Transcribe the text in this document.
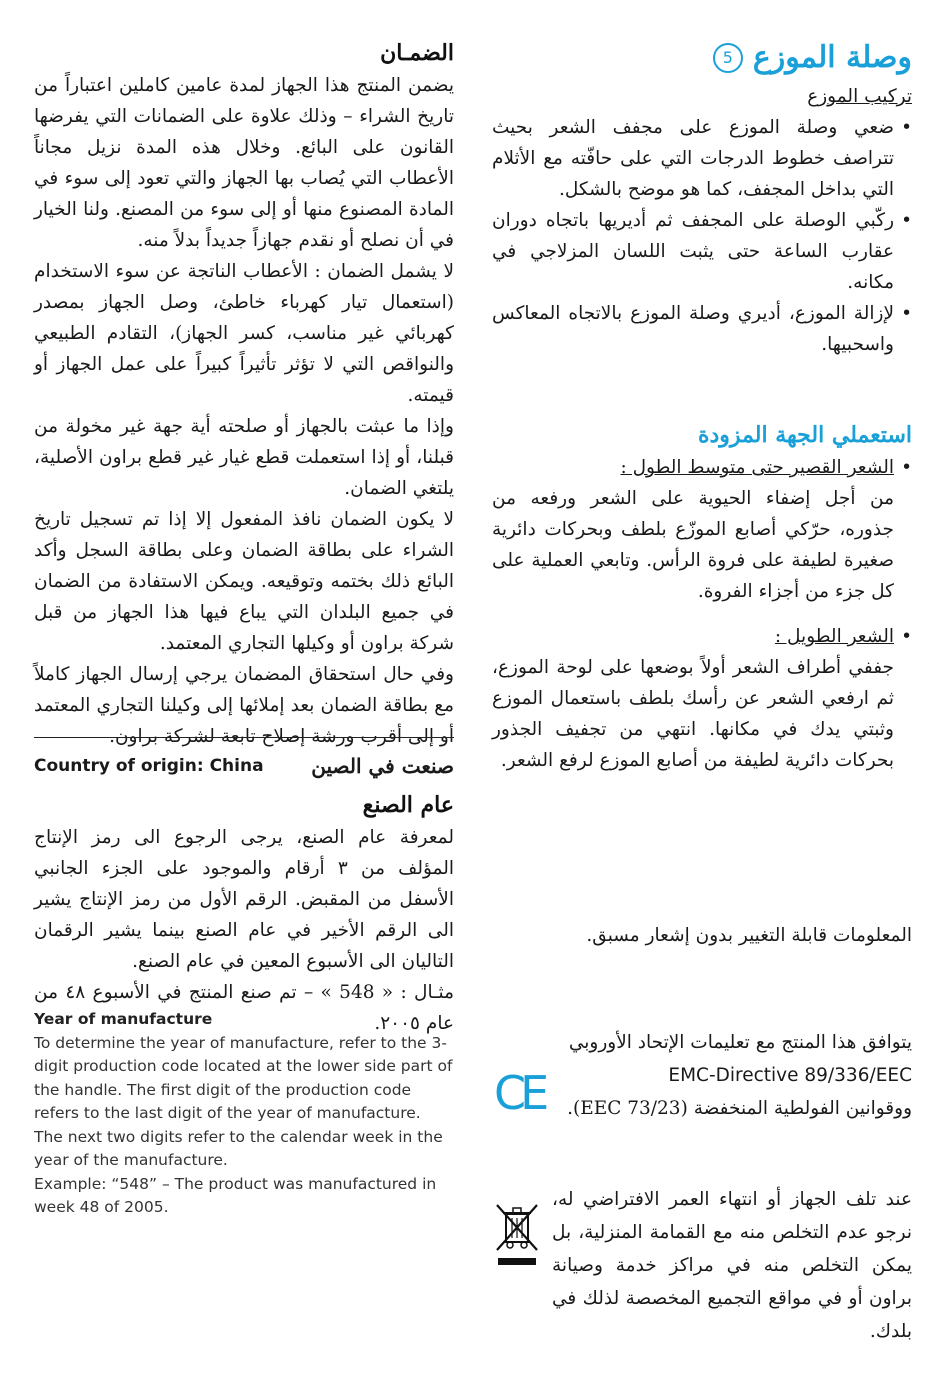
وصلة الموزع
5

تركيب الموزع

• ضعي وصلة الموزع على مجفف الشعر بحيث تتراصف خطوط الدرجات التي على حافّته مع الأثلام التي بداخل المجفف، كما هو موضح بالشكل.

• ركّبي الوصلة على المجفف ثم أديريها باتجاه دوران عقارب الساعة حتى يثبت اللسان المزلاجي في مكانه.

• لإزالة الموزع، أديري وصلة الموزع بالاتجاه المعاكس واسحبيها.

استعملي الجهة المزودة

• الشعر القصير حتى متوسط الطول :

من أجل إضفاء الحيوية على الشعر ورفعه من جذوره، حرّكي أصابع الموزّع بلطف وبحركات دائرية صغيرة لطيفة على فروة الرأس. وتابعي العملية على كل جزء من أجزاء الفروة.

• الشعر الطويل :

جففي أطراف الشعر أولاً بوضعها على لوحة الموزع، ثم ارفعي الشعر عن رأسك بلطف باستعمال الموزع وثبتي يدك في مكانها. انتهي من تجفيف الجذور بحركات دائرية لطيفة من أصابع الموزع لرفع الشعر.

المعلومات قابلة التغيير بدون إشعار مسبق.

يتوافق هذا المنتج مع تعليمات الإتحاد الأوروبي
EMC-Directive 89/336/EEC
ووقوانين الفولطية المنخفضة (73/23 EEC).
CE

عند تلف الجهاز أو انتهاء العمر الافتراضي له، نرجو عدم التخلص منه مع القمامة المنزلية، بل يمكن التخلص منه في مراكز خدمة وصيانة براون أو في مواقع التجميع المخصصة لذلك في بلدك.

الضمـان

يضمن المنتج هذا الجهاز لمدة عامين كاملين اعتباراً من تاريخ الشراء – وذلك علاوة على الضمانات التي يفرضها القانون على البائع. وخلال هذه المدة نزيل مجاناً الأعطاب التي يُصاب بها الجهاز والتي تعود إلى سوء في المادة المصنوع منها أو إلى سوء من المصنع. ولنا الخيار في أن نصلح أو نقدم جهازاً جديداً بدلاً منه.

لا يشمل الضمان : الأعطاب الناتجة عن سوء الاستخدام (استعمال تيار كهرباء خاطئ، وصل الجهاز بمصدر كهربائي غير مناسب، كسر الجهاز)، التقادم الطبيعي والنواقص التي لا تؤثر تأثيراً كبيراً على عمل الجهاز أو قيمته.

وإذا ما عبثت بالجهاز أو صلحته أية جهة غير مخولة من قبلنا، أو إذا استعملت قطع غيار غير قطع براون الأصلية، يلتغي الضمان.

لا يكون الضمان نافذ المفعول إلا إذا تم تسجيل تاريخ الشراء على بطاقة الضمان وعلى بطاقة السجل وأكد البائع ذلك بختمه وتوقيعه. ويمكن الاستفادة من الضمان في جميع البلدان التي يباع فيها هذا الجهاز من قبل شركة براون أو وكيلها التجاري المعتمد.

وفي حال استحقاق المضمان يرجي إرسال الجهاز كاملاً مع بطاقة الضمان بعد إملائها إلى وكيلنا التجاري المعتمد أو إلى أقرب ورشة إصلاح تابعة لشركة براون.

Country of origin: China صنعت في الصين
عام الصنع

لمعرفة عام الصنع، يرجى الرجوع الى رمز الإنتاج المؤلف من ٣ أرقام والموجود على الجزء الجانبي الأسفل من المقبض. الرقم الأول من رمز الإنتاج يشير الى الرقم الأخير في عام الصنع بينما يشير الرقمان التاليان الى الأسبوع المعين في عام الصنع.

مثـال : « 548 » – تم صنع المنتج في الأسبوع ٤٨ من عام ٢٠٠٥.

Year of manufacture
To determine the year of manufacture, refer to the 3-digit production code located at the lower side part of the handle. The first digit of the production code refers to the last digit of the year of manufacture. The next two digits refer to the calendar week in the year of the manufacture.
Example: “548” – The product was manufactured in week 48 of 2005.
